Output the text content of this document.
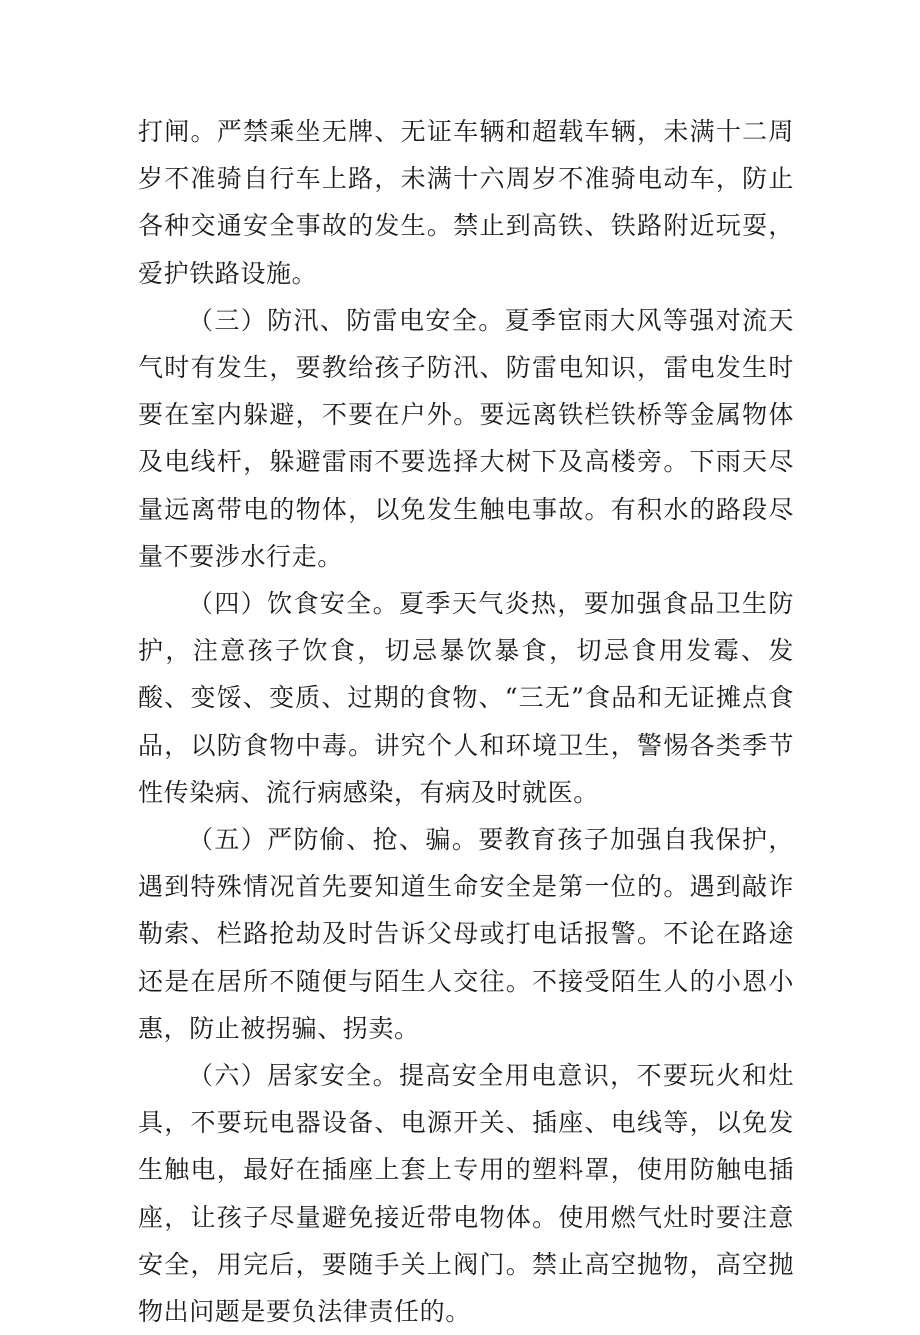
打闸。严禁乘坐无牌、无证车辆和超载车辆，未满十二周岁不准骑自行车上路，未满十六周岁不准骑电动车，防止各种交通安全事故的发生。禁止到高铁、铁路附近玩耍，爱护铁路设施。

（三）防汛、防雷电安全。夏季宦雨大风等强对流天气时有发生，要教给孩子防汛、防雷电知识，雷电发生时要在室内躲避，不要在户外。要远离铁栏铁桥等金属物体及电线杆，躲避雷雨不要选择大树下及高楼旁。下雨天尽量远离带电的物体，以免发生触电事故。有积水的路段尽量不要涉水行走。

（四）饮食安全。夏季天气炎热，要加强食品卫生防护，注意孩子饮食，切忌暴饮暴食，切忌食用发霉、发酸、变馁、变质、过期的食物、“三无”食品和无证摊点食品，以防食物中毒。讲究个人和环境卫生，警惕各类季节性传染病、流行病感染，有病及时就医。

（五）严防偷、抢、骗。要教育孩子加强自我保护，遇到特殊情况首先要知道生命安全是第一位的。遇到敲诈勒索、栏路抢劫及时告诉父母或打电话报警。不论在路途还是在居所不随便与陌生人交往。不接受陌生人的小恩小惠，防止被拐骗、拐卖。

（六）居家安全。提高安全用电意识，不要玩火和灶具，不要玩电器设备、电源开关、插座、电线等，以免发生触电，最好在插座上套上专用的塑料罩，使用防触电插座，让孩子尽量避免接近带电物体。使用燃气灶时要注意安全，用完后，要随手关上阀门。禁止高空抛物，高空抛物出问题是要负法律责任的。
